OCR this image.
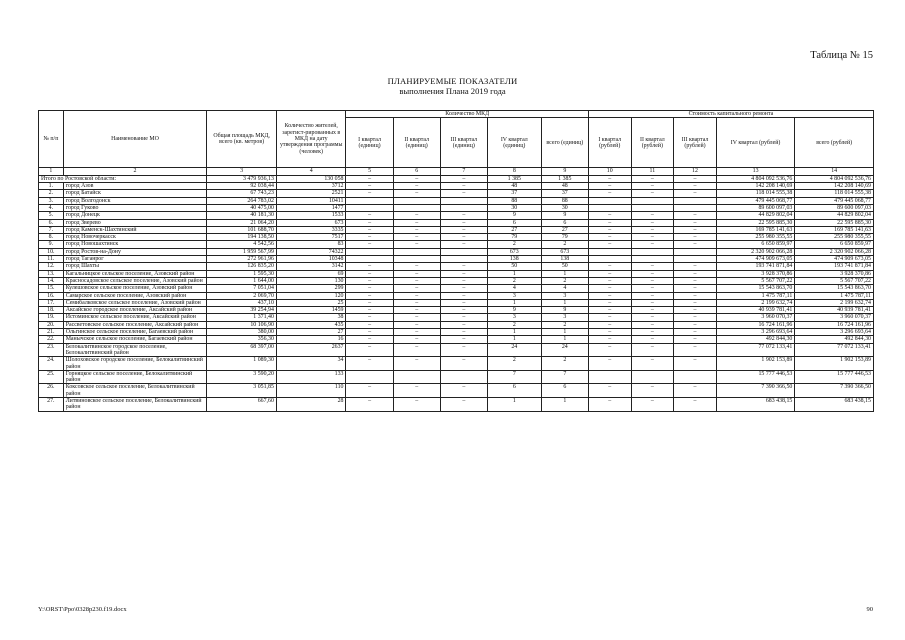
Таблица № 15
ПЛАНИРУЕМЫЕ ПОКАЗАТЕЛИ
выполнения Плана 2019 года
№ п/п	Наименование МО	Общая площадь МКД, всего (кв. метров)	Количество жителей, зарегист-рированных в МКД на дату утверждения программы (человек)	Количество МКД					Стоимость капитального ремонта				
				I квартал (единиц)	II квартал (единиц)	III квартал (единиц)	IV квартал (единиц)	всего (единиц)	I квартал (рублей)	II квартал (рублей)	III квартал (рублей)	IV квартал (рублей)	всего (рублей)
1	2	3	4	5	6	7	8	9	10	11	12	13	14
Итого по Ростовской области:		3 479 936,13	130 058	–	–	–	1 385	1 385	–	–	–	4 804 092 536,76	4 804 092 536,76
1.	город Азов	92 038,44	3712	–	–	–	48	48	–	–	–	142 208 140,69	142 208 140,69
2.	город Батайск	67 743,23	2521	–	–	–	37	37	–	–	–	118 014 555,38	118 014 555,38
3.	город Волгодонск	264 783,02	10411				88	88				479 445 068,77	479 445 068,77
4.	город Гуково	40 475,00	1477				30	30				89 600 097,03	89 600 097,03
5.	город Донецк	40 181,30	1533	–	–	–	9	9	–	–	–	44 829 802,04	44 829 802,04
6.	город Зверево	21 064,20	673	–	–	–	6	6	–	–	–	22 595 885,30	22 595 885,30
7.	город Каменск-Шахтинский	101 688,70	3335	–	–	–	27	27	–	–	–	169 785 141,63	169 785 141,63
8.	город Новочеркасск	194 138,50	7517	–	–	–	79	79	–	–	–	255 980 355,55	255 980 355,55
9.	город Новошахтинск	4 542,56	83	–	–	–	2	2	–	–	–	6 650 859,97	6 650 859,97
10.	город Ростов-на-Дону	1 959 567,99	74322				673	673				2 320 902 066,28	2 320 902 066,28
11.	город Таганрог	272 961,96	10348				138	138				474 909 673,05	474 909 673,05
12.	город Шахты	126 835,20	3142	–	–	–	50	50	–	–	–	193 741 871,84	193 741 871,84
13.	Кагальницкое сельское поселение, Азовский район	1 595,30	69	–	–	–	1	1	–	–	–	3 928 370,86	3 928 370,86
14.	Красносадовское сельское поселение, Азовский район	1 644,00	130	–	–	–	2	2	–	–	–	5 567 707,22	5 567 707,22
15.	Кулешовское сельское поселение, Азовский район	7 051,04	299	–	–	–	4	4	–	–	–	15 543 863,70	15 543 863,70
16.	Самарское сельское поселение, Азовский район	2 069,70	120	–	–	–	3	3	–	–	–	1 475 787,11	1 475 787,11
17.	Семибалковское сельское поселение, Азовский район	437,10	25	–	–	–	1	1	–	–	–	2 199 632,74	2 199 632,74
18.	Аксайское городское поселение, Аксайский район	39 254,94	1459	–	–	–	9	9	–	–	–	40 939 781,41	40 939 781,41
19.	Истоминское сельское поселение, Аксайский район	1 371,40	38	–	–	–	3	3	–	–	–	3 960 070,37	3 960 070,37
20.	Рассветовское сельское поселение, Аксайский район	10 106,90	435	–	–	–	2	2	–	–	–	16 724 161,96	16 724 161,96
21.	Ольгинское сельское поселение, Багаевский район	380,00	27	–	–	–	1	1	–	–	–	3 296 693,64	3 296 693,64
22.	Манычское сельское поселение, Багаевский район	356,30	16	–	–	–	1	1	–	–	–	492 844,30	492 844,30
23.	Белокалитвинское городское поселение, Белокалитвинский район	68 397,00	2637	–	–	–	24	24	–	–	–	77 072 133,41	77 072 133,41
24.	Шолоховское городское поселение, Белокалитвинский район	1 089,30	34	–	–	–	2	2	–	–	–	1 902 153,89	1 902 153,89
25.	Горняцкое сельское поселение, Белокалитвинский район	3 590,20	133				7	7				15 777 446,53	15 777 446,53
26.	Коксовское сельское поселение, Белокалитвинский район	3 051,85	110	–	–	–	6	6	–	–	–	7 390 366,50	7 390 366,50
27.	Литвиновское сельское поселение, Белокалитвинский район	667,60	28	–	–	–	1	1	–	–	–	683 438,15	683 438,15
Y:\ORST\Ppo\0328p230.f19.docx	90
